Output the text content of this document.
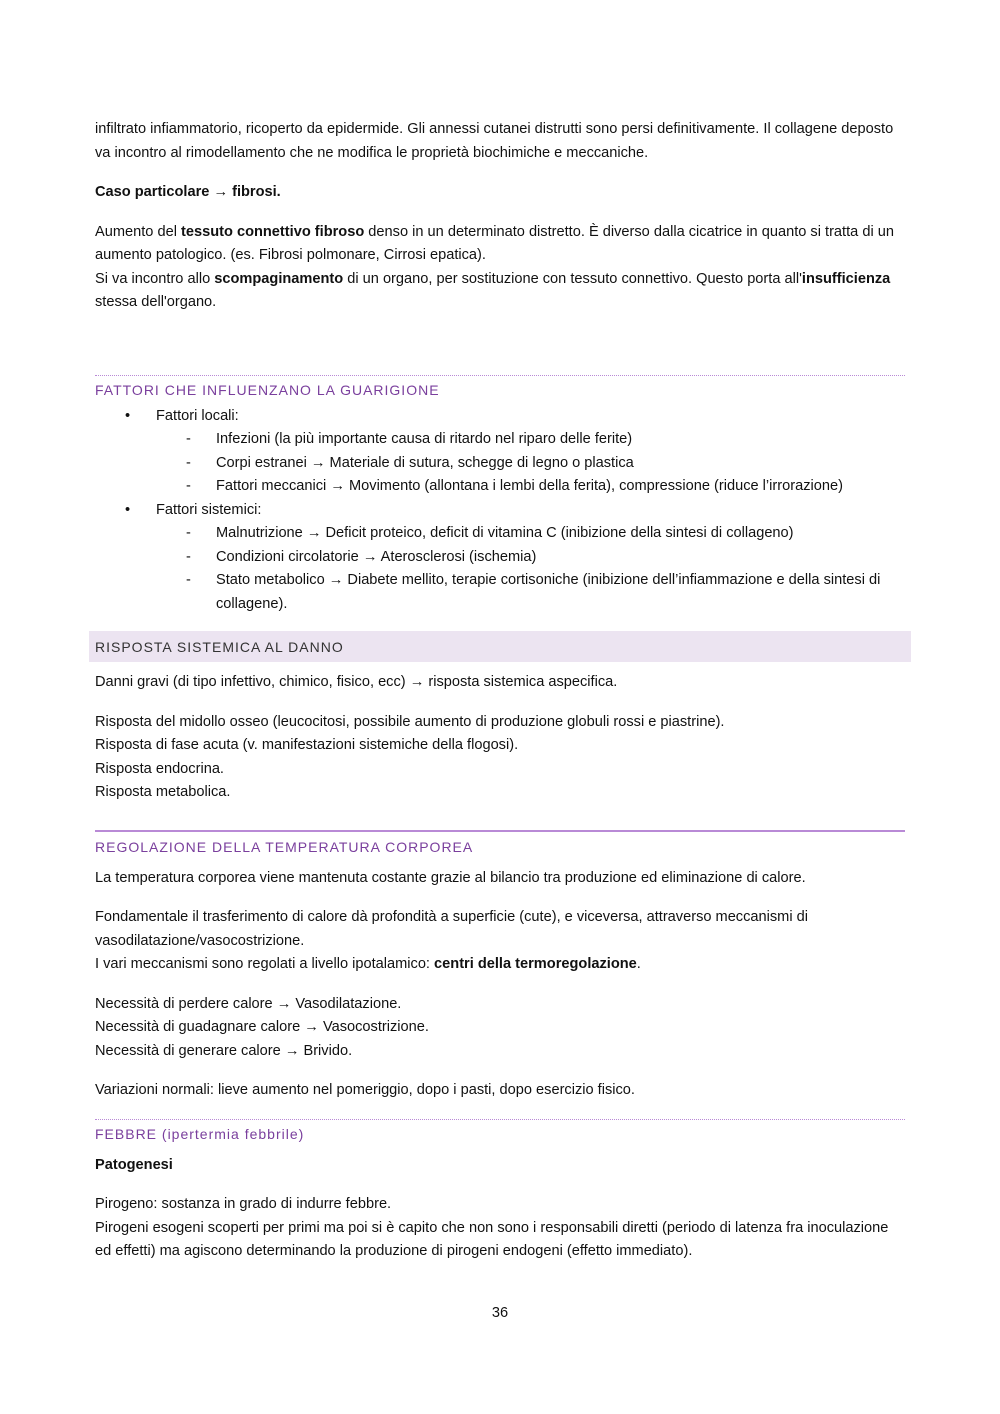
infiltrato infiammatorio, ricoperto da epidermide. Gli annessi cutanei distrutti sono persi definitivamente. Il collagene deposto va incontro al rimodellamento che ne modifica le proprietà biochimiche e meccaniche.

Caso particolare → fibrosi.

Aumento del tessuto connettivo fibroso denso in un determinato distretto. È diverso dalla cicatrice in quanto si tratta di un aumento patologico. (es. Fibrosi polmonare, Cirrosi epatica).

Si va incontro allo scompaginamento di un organo, per sostituzione con tessuto connettivo. Questo porta all'insufficienza stessa dell'organo.

FATTORI CHE INFLUENZANO LA GUARIGIONE
• Fattori locali:
- Infezioni (la più importante causa di ritardo nel riparo delle ferite)
- Corpi estranei → Materiale di sutura, schegge di legno o plastica
- Fattori meccanici → Movimento (allontana i lembi della ferita), compressione (riduce l’irrorazione)
• Fattori sistemici:
- Malnutrizione → Deficit proteico, deficit di vitamina C (inibizione della sintesi di collageno)
- Condizioni circolatorie → Aterosclerosi (ischemia)
- Stato metabolico → Diabete mellito, terapie cortisoniche (inibizione dell’infiammazione e della sintesi di collagene).
RISPOSTA SISTEMICA AL DANNO

Danni gravi (di tipo infettivo, chimico, fisico, ecc) → risposta sistemica aspecifica.

Risposta del midollo osseo (leucocitosi, possibile aumento di produzione globuli rossi e piastrine).

Risposta di fase acuta (v. manifestazioni sistemiche della flogosi).

Risposta endocrina.

Risposta metabolica.

REGOLAZIONE DELLA TEMPERATURA CORPOREA

La temperatura corporea viene mantenuta costante grazie al bilancio tra produzione ed eliminazione di calore.

Fondamentale il trasferimento di calore dà profondità a superficie (cute), e viceversa, attraverso meccanismi di vasodilatazione/vasocostrizione.

I vari meccanismi sono regolati a livello ipotalamico: centri della termoregolazione.

Necessità di perdere calore → Vasodilatazione.

Necessità di guadagnare calore → Vasocostrizione.

Necessità di generare calore → Brivido.

Variazioni normali: lieve aumento nel pomeriggio, dopo i pasti, dopo esercizio fisico.

FEBBRE (ipertermia febbrile)

Patogenesi

Pirogeno: sostanza in grado di indurre febbre.

Pirogeni esogeni scoperti per primi ma poi si è capito che non sono i responsabili diretti (periodo di latenza fra inoculazione ed effetti) ma agiscono determinando la produzione di pirogeni endogeni (effetto immediato).

36
